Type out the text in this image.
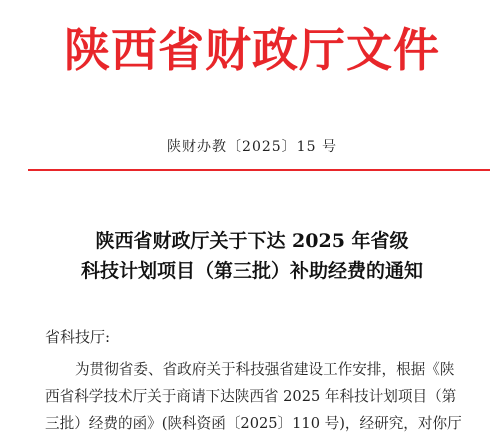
陕西省财政厅文件
陕财办教〔2025〕15 号
陕西省财政厅关于下达 2025 年省级
科技计划项目（第三批）补助经费的通知
省科技厅:
为贯彻省委、省政府关于科技强省建设工作安排，根据《陕
西省科学技术厅关于商请下达陕西省 2025 年科技计划项目（第
三批）经费的函》(陕科资函〔2025〕110 号)，经研究，对你厅
